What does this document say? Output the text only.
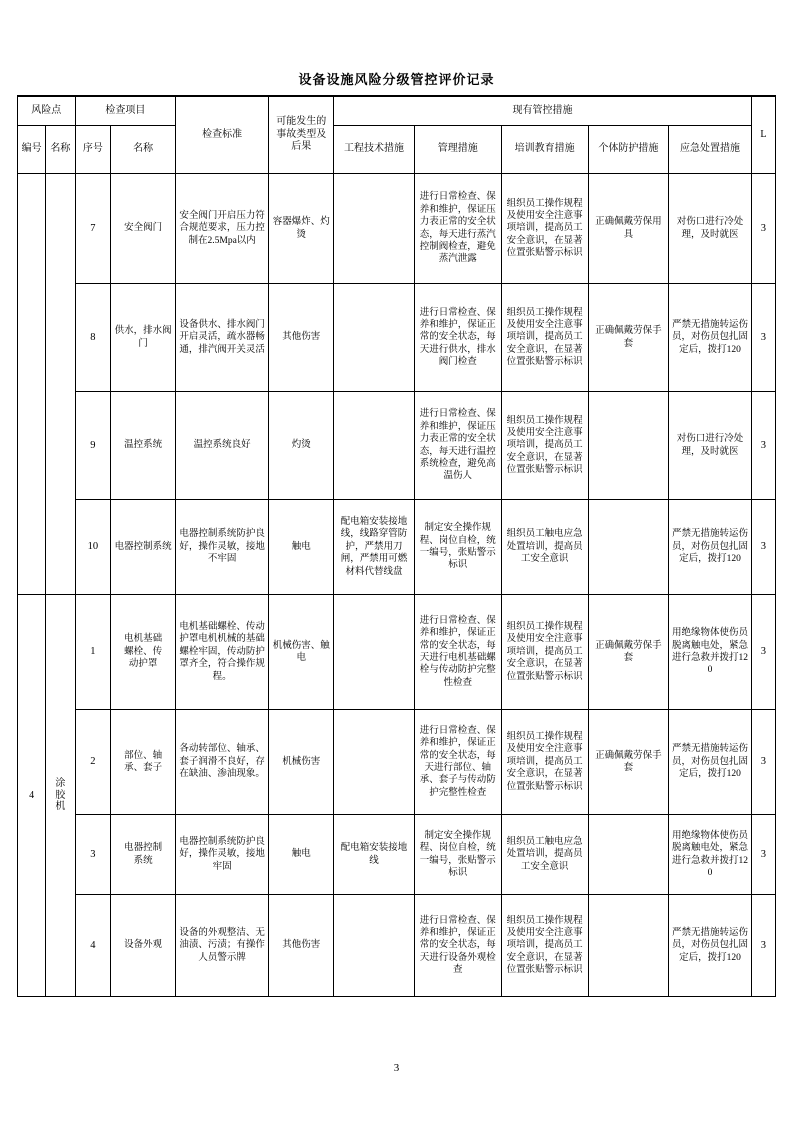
设备设施风险分级管控评价记录
风险点		检查项目		检查标准	可能发生的事故类型及后果	现有管控措施					L
编号	名称	序号	名称			工程技术措施	管理措施	培训教育措施	个体防护措施	应急处置措施	
		7	安全阀门	安全阀门开启压力符合规范要求，压力控制在2.5Mpa以内	容器爆炸、灼烫		进行日常检查、保养和维护，保证压力表正常的安全状态，每天进行蒸汽控制阀检查，避免蒸汽泄露	组织员工操作规程及使用安全注意事项培训，提高员工安全意识，在显著位置张贴警示标识	正确佩戴劳保用具	对伤口进行冷处理，及时就医	3
		8	供水，排水阀门	设备供水、排水阀门开启灵活，疏水器畅通，排汽阀开关灵活	其他伤害		进行日常检查、保养和维护，保证正常的安全状态，每天进行供水，排水阀门检查	组织员工操作规程及使用安全注意事项培训，提高员工安全意识，在显著位置张贴警示标识	正确佩戴劳保手套	严禁无措施转运伤员，对伤员包扎固定后，拨打120	3
		9	温控系统	温控系统良好	灼烫		进行日常检查、保养和维护，保证压力表正常的安全状态，每天进行温控系统检查，避免高温伤人	组织员工操作规程及使用安全注意事项培训，提高员工安全意识，在显著位置张贴警示标识		对伤口进行冷处理，及时就医	3
		10	电器控制系统	电器控制系统防护良好，操作灵敏，接地不牢固	触电	配电箱安装接地线，线路穿管防护，严禁用刀闸，严禁用可燃材料代替线盘	制定安全操作规程、岗位自检，统一编号，张贴警示标识	组织员工触电应急处置培训，提高员工安全意识		严禁无措施转运伤员，对伤员包扎固定后，拨打120	3
4	涂胶机	1	电机基础螺栓、传动护罩	电机基础螺栓、传动护罩电机机械的基础螺栓牢固，传动防护罩齐全，符合操作规程。	机械伤害、触电		进行日常检查、保养和维护，保证正常的安全状态，每天进行电机基础螺栓与传动防护完整性检查	组织员工操作规程及使用安全注意事项培训，提高员工安全意识，在显著位置张贴警示标识	正确佩戴劳保手套	用绝缘物体使伤员脱离触电处，紧急进行急救并拨打120	3
		2	部位、轴承、套子	各动转部位、轴承、套子润滑不良好，存在缺油、渗油现象。	机械伤害		进行日常检查、保养和维护，保证正常的安全状态，每天进行部位、轴承、套子与传动防护完整性检查	组织员工操作规程及使用安全注意事项培训，提高员工安全意识，在显著位置张贴警示标识	正确佩戴劳保手套	严禁无措施转运伤员，对伤员包扎固定后，拨打120	3
		3	电器控制系统	电器控制系统防护良好，操作灵敏，接地牢固	触电	配电箱安装接地线	制定安全操作规程、岗位自检，统一编号，张贴警示标识	组织员工触电应急处置培训，提高员工安全意识		用绝缘物体使伤员脱离触电处，紧急进行急救并拨打120	3
		4	设备外观	设备的外观整洁、无油渍、污渍；有操作人员警示牌	其他伤害		进行日常检查、保养和维护，保证正常的安全状态，每天进行设备外观检查	组织员工操作规程及使用安全注意事项培训，提高员工安全意识，在显著位置张贴警示标识		严禁无措施转运伤员，对伤员包扎固定后，拨打120	3
3
